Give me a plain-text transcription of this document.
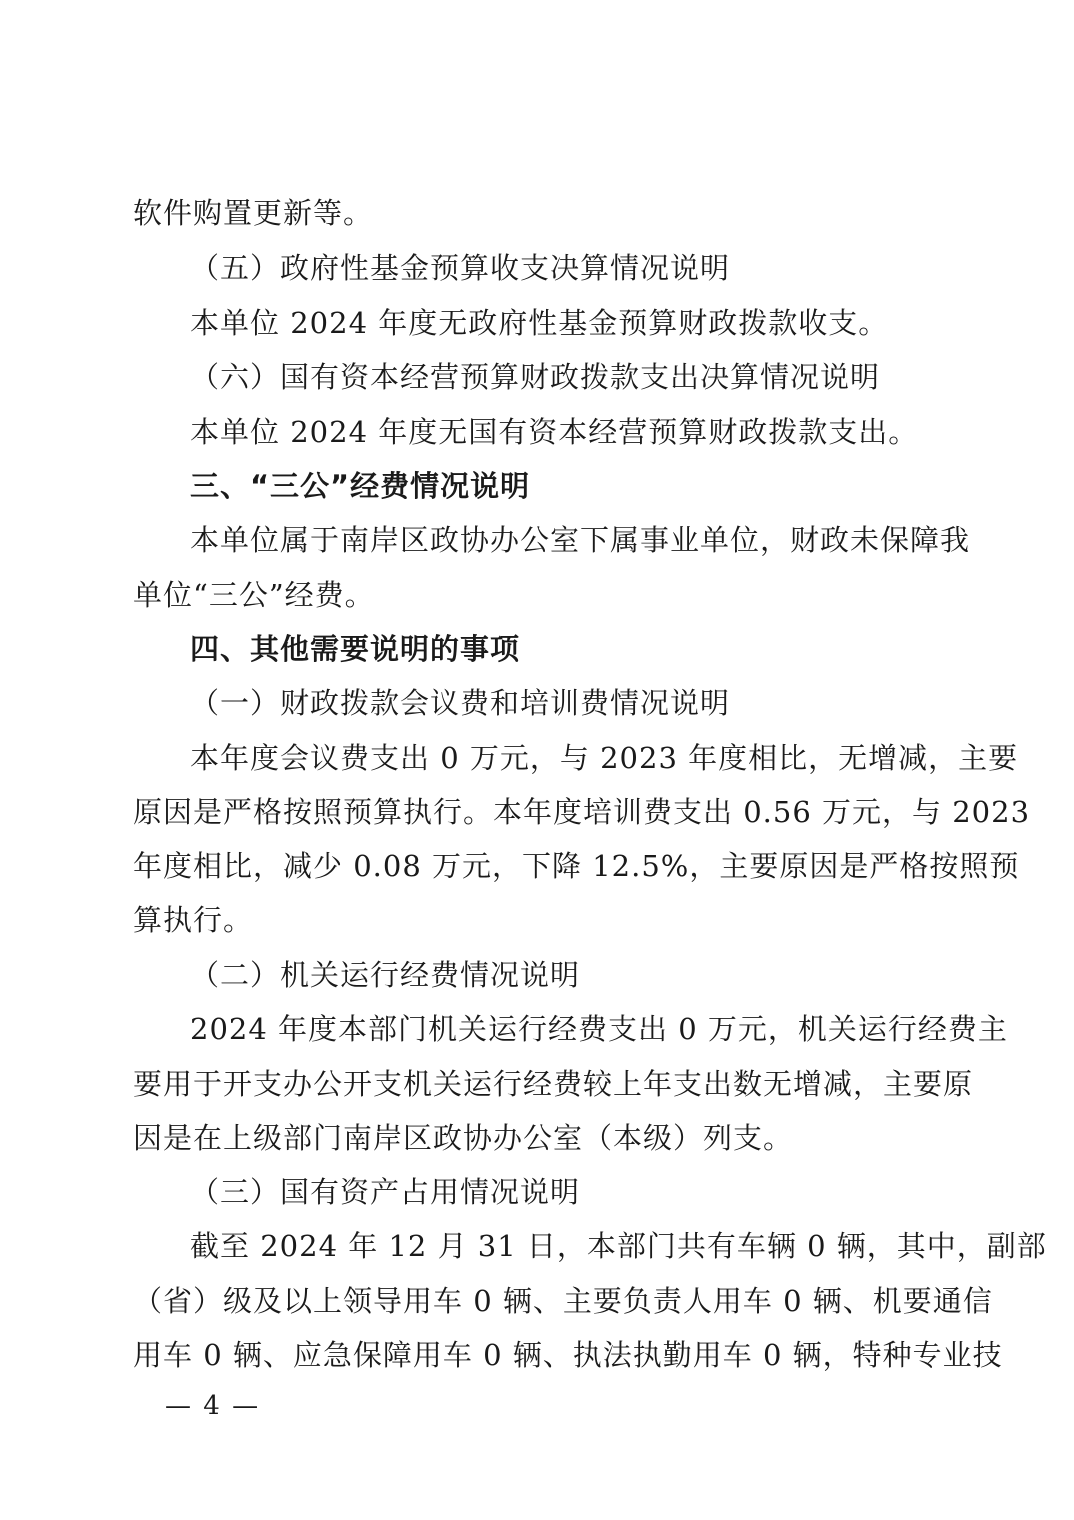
软件购置更新等。
（五）政府性基金预算收支决算情况说明
本单位 2024 年度无政府性基金预算财政拨款收支。
（六）国有资本经营预算财政拨款支出决算情况说明
本单位 2024 年度无国有资本经营预算财政拨款支出。
三、“三公”经费情况说明
本单位属于南岸区政协办公室下属事业单位，财政未保障我
单位“三公”经费。
四、其他需要说明的事项
（一）财政拨款会议费和培训费情况说明
本年度会议费支出 0 万元，与 2023 年度相比，无增减，主要
原因是严格按照预算执行。本年度培训费支出 0.56 万元，与 2023
年度相比，减少 0.08 万元，下降 12.5%，主要原因是严格按照预
算执行。
（二）机关运行经费情况说明
2024 年度本部门机关运行经费支出 0 万元，机关运行经费主
要用于开支办公开支机关运行经费较上年支出数无增减，主要原
因是在上级部门南岸区政协办公室（本级）列支。
（三）国有资产占用情况说明
截至 2024 年 12 月 31 日，本部门共有车辆 0 辆，其中，副部
（省）级及以上领导用车 0 辆、主要负责人用车 0 辆、机要通信
用车 0 辆、应急保障用车 0 辆、执法执勤用车 0 辆，特种专业技
— 4 —
